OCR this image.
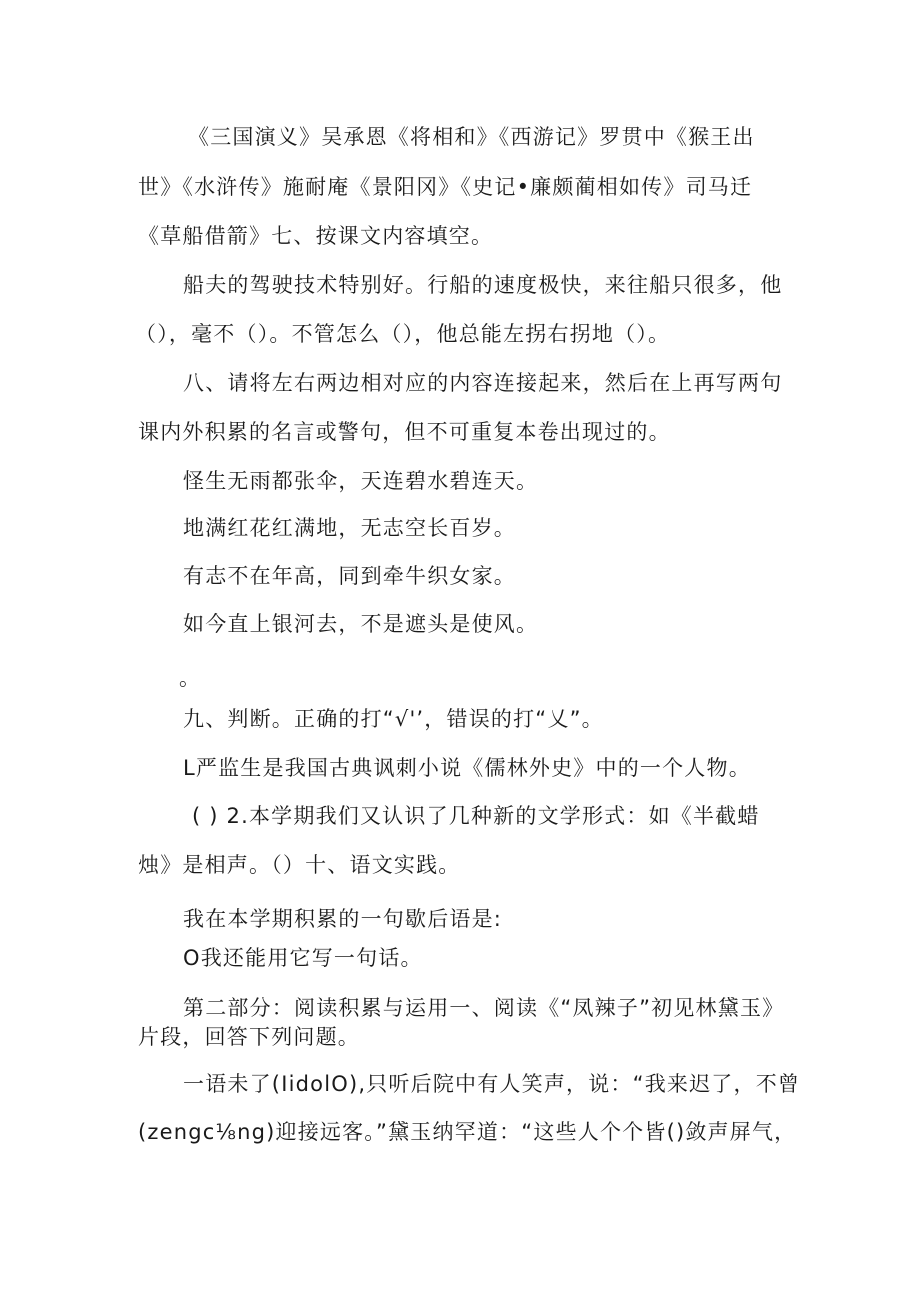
《三国演义》吴承恩《将相和》《西游记》罗贯中《猴王出
世》《水浒传》施耐庵《景阳冈》《史记•廉颇蔺相如传》司马迁
《草船借箭》七、按课文内容填空。
船夫的驾驶技术特别好。行船的速度极快，来往船只很多，他
（），毫不（）。不管怎么（），他总能左拐右拐地（）。
八、请将左右两边相对应的内容连接起来，然后在上再写两句
课内外积累的名言或警句，但不可重复本卷出现过的。
怪生无雨都张伞，天连碧水碧连天。
地满红花红满地，无志空长百岁。
有志不在年高，同到牵牛织女家。
如今直上银河去，不是遮头是使风。
。
九、判断。正确的打“√'’，错误的打“乂”。
L严监生是我国古典讽刺小说《儒林外史》中的一个人物。
( ) 2.本学期我们又认识了几种新的文学形式：如《半截蜡
烛》是相声。（）十、语文实践。
我在本学期积累的一句歇后语是:
O我还能用它写一句话。
第二部分：阅读积累与运用一、阅读《“凤辣子”初见林黛玉》
片段，回答下列问题。
一语未了(IidolO),只听后院中有人笑声，说：“我来迟了，不曾
(zengc⅛ng)迎接远客。”黛玉纳罕道：“这些人个个皆()敛声屏气，
